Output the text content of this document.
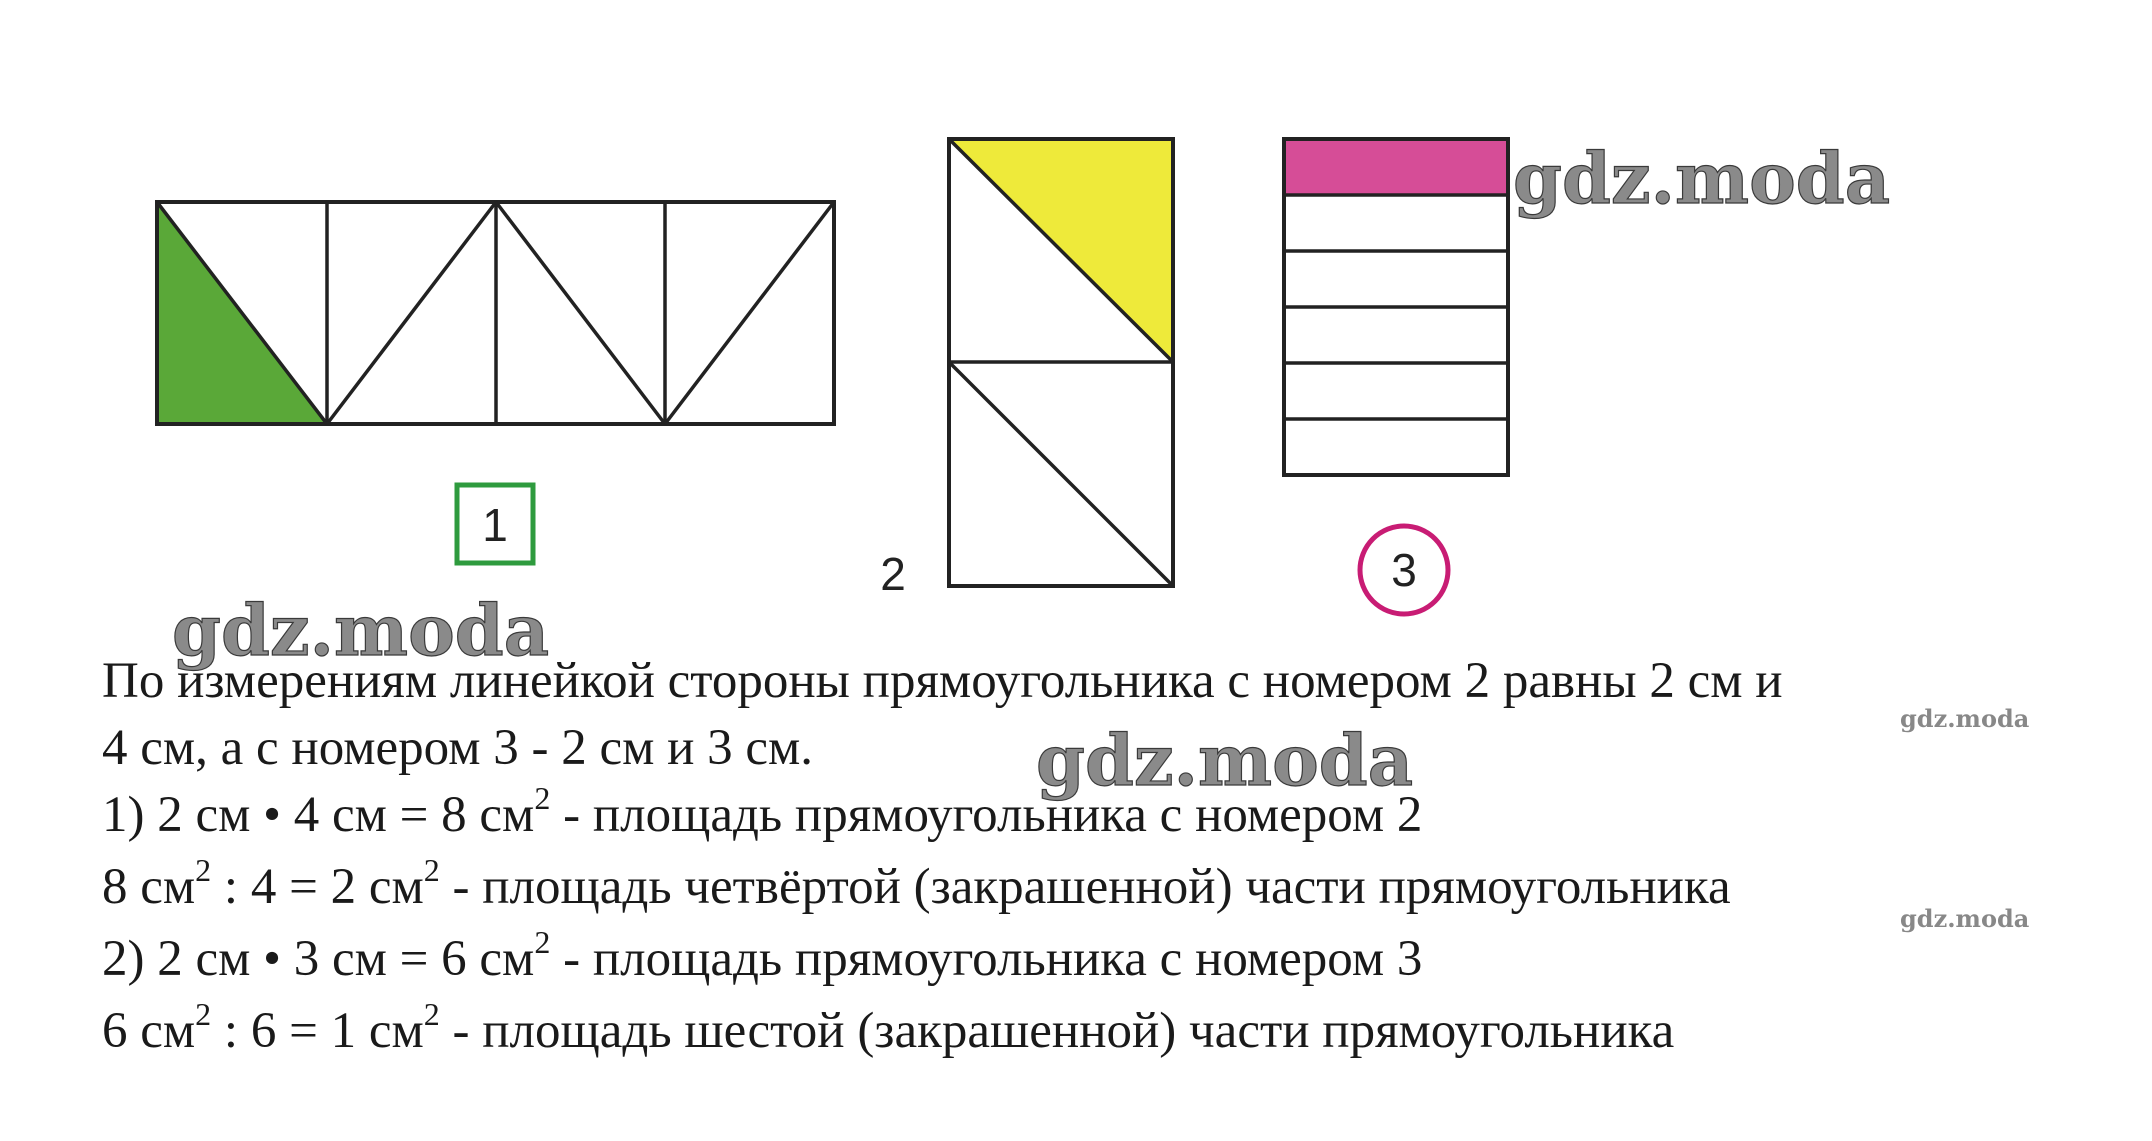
1
2	3
gdz.moda
gdz.moda
gdz.moda
gdz.moda
gdz.moda
По измерениям линейкой стороны прямоугольника с номером 2 равны 2 см и
4 см, а с номером 3 - 2 см и 3 см.
1) 2 см • 4 см = 8 $см^2$ - площадь прямоугольника с номером 2
8 $см^2$ : 4 = 2 $см^2$ - площадь четвёртой (закрашенной) части прямоугольника
2) 2 см • 3 см = 6 $см^2$ - площадь прямоугольника с номером 3
6 $см^2$ : 6 = 1 $см^2$ - площадь шестой (закрашенной) части прямоугольника
